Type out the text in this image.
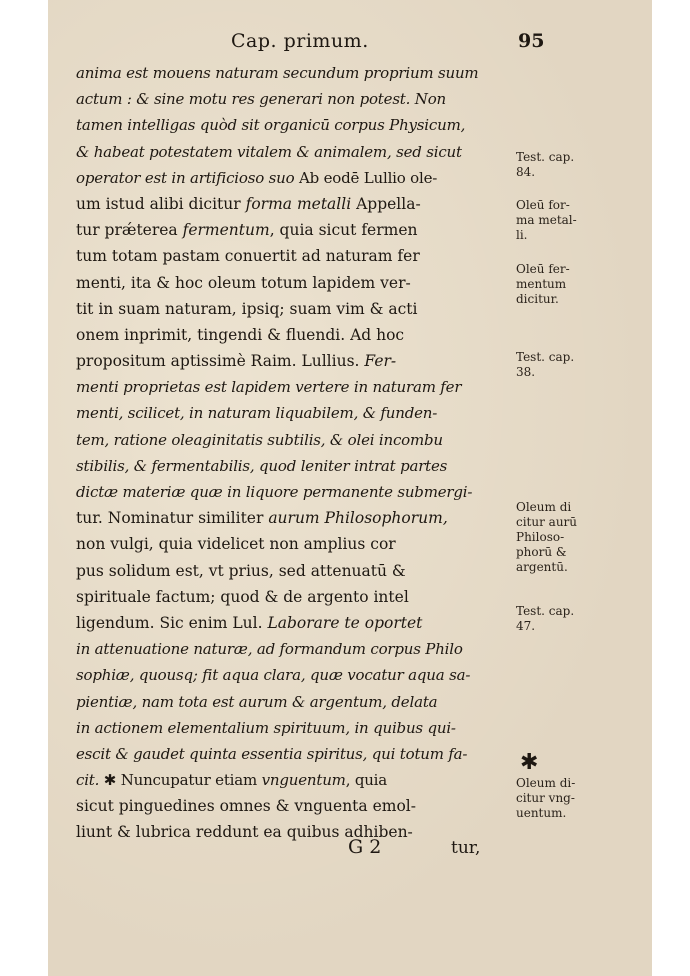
Cap. primum.	95
anima est mouens naturam secundum proprium suum
actum : & sine motu res generari non potest. Non
tamen intelligas quòd sit organicū corpus Physicum,
& habeat potestatem vitalem & animalem, sed sicut
operator est in artificioso suo Ab eodē Lullio ole-
um istud alibi dicitur forma metalli Appella-
tur prǽterea fermentum, quia sicut fermen
tum totam pastam conuertit ad naturam fer
menti, ita & hoc oleum totum lapidem ver-
tit in suam naturam, ipsiq; suam vim & acti
onem inprimit, tingendi & fluendi. Ad hoc
propositum aptissimè Raim. Lullius. Fer-
menti proprietas est lapidem vertere in naturam fer
menti, scilicet, in naturam liquabilem, & funden-
tem, ratione oleaginitatis subtilis, & olei incombu
stibilis, & fermentabilis, quod leniter intrat partes
dictæ materiæ quæ in liquore permanente submergi-
tur. Nominatur similiter aurum Philosophorum,
non vulgi, quia videlicet non amplius cor
pus solidum est, vt prius, sed attenuatū &
spirituale factum; quod & de argento intel
ligendum. Sic enim Lul. Laborare te oportet
in attenuatione naturæ, ad formandum corpus Philo
sophiæ, quousq; fit aqua clara, quæ vocatur aqua sa-
pientiæ, nam tota est aurum & argentum, delata
in actionem elementalium spirituum, in quibus qui-
escit & gaudet quinta essentia spiritus, qui totum fa-
cit. ✱ Nuncupatur etiam vnguentum, quia
sicut pinguedines omnes & vnguenta emol-
liunt & lubrica reddunt ea quibus adhiben-
Test. cap.
84.
Oleū for-
ma metal-
li.
Oleū fer-
mentum
dicitur.
Test. cap.
38.
Oleum di
citur aurū
Philoso-
phorū &
argentū.
Test. cap.
47.
✱
Oleum di-
citur vng-
uentum.
G 2	tur,
